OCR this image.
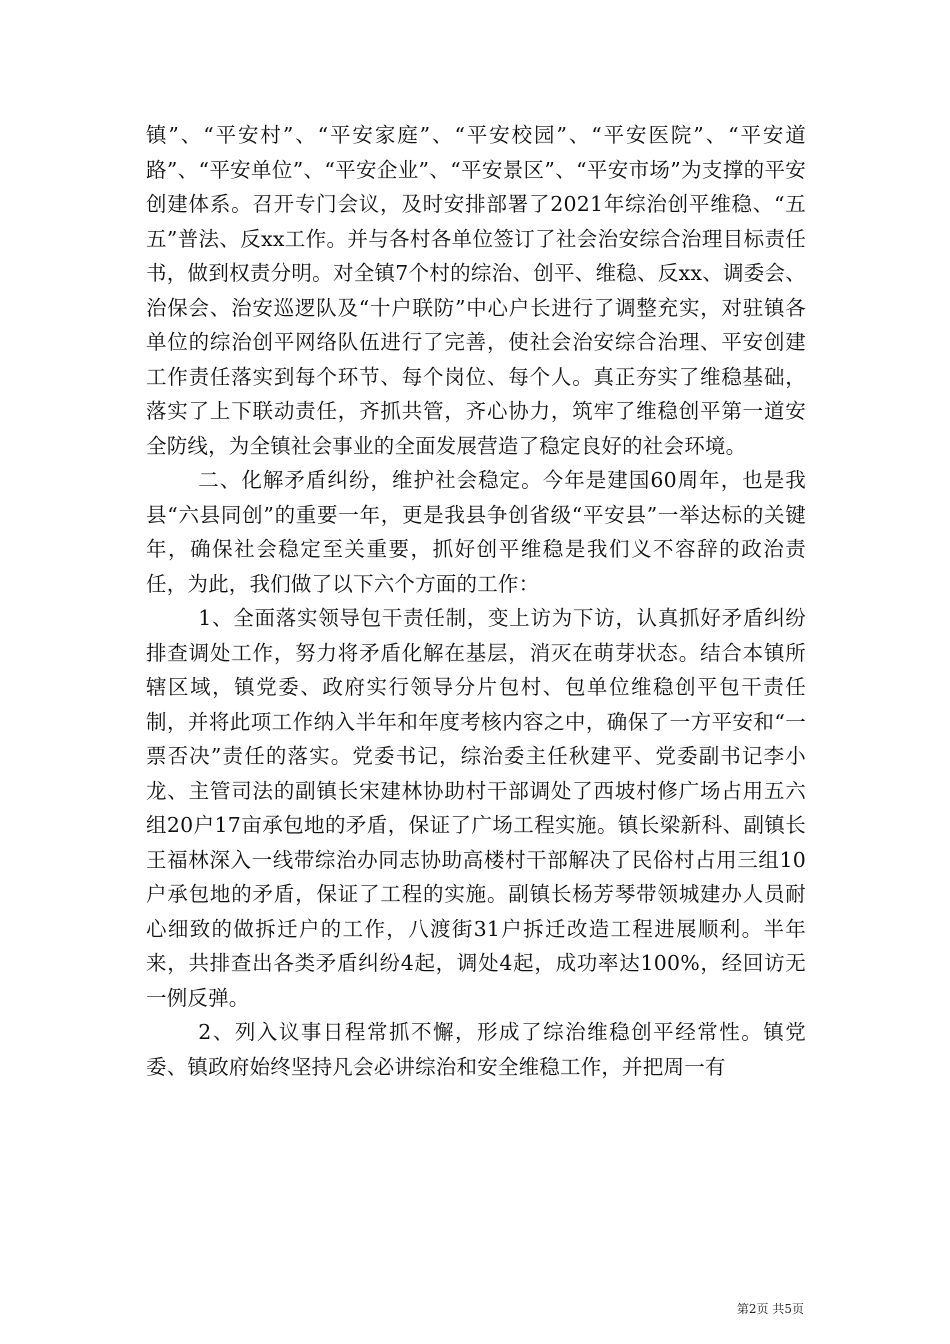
镇”、“平安村”、“平安家庭”、“平安校园”、“平安医院”、“平安道路”、“平安单位”、“平安企业”、“平安景区”、“平安市场”为支撑的平安创建体系。召开专门会议，及时安排部署了2021年综治创平维稳、“五五”普法、反xx工作。并与各村各单位签订了社会治安综合治理目标责任书，做到权责分明。对全镇7个村的综治、创平、维稳、反xx、调委会、治保会、治安巡逻队及“十户联防”中心户长进行了调整充实，对驻镇各单位的综治创平网络队伍进行了完善，使社会治安综合治理、平安创建工作责任落实到每个环节、每个岗位、每个人。真正夯实了维稳基础，落实了上下联动责任，齐抓共管，齐心协力，筑牢了维稳创平第一道安全防线，为全镇社会事业的全面发展营造了稳定良好的社会环境。

二、化解矛盾纠纷，维护社会稳定。今年是建国60周年，也是我县“六县同创”的重要一年，更是我县争创省级“平安县”一举达标的关键年，确保社会稳定至关重要，抓好创平维稳是我们义不容辞的政治责任，为此，我们做了以下六个方面的工作：

1、全面落实领导包干责任制，变上访为下访，认真抓好矛盾纠纷排查调处工作，努力将矛盾化解在基层，消灭在萌芽状态。结合本镇所辖区域，镇党委、政府实行领导分片包村、包单位维稳创平包干责任制，并将此项工作纳入半年和年度考核内容之中，确保了一方平安和“一票否决”责任的落实。党委书记，综治委主任秋建平、党委副书记李小龙、主管司法的副镇长宋建林协助村干部调处了西坡村修广场占用五六组20户17亩承包地的矛盾，保证了广场工程实施。镇长梁新科、副镇长王福林深入一线带综治办同志协助高楼村干部解决了民俗村占用三组10户承包地的矛盾，保证了工程的实施。副镇长杨芳琴带领城建办人员耐心细致的做拆迁户的工作，八渡街31户拆迁改造工程进展顺利。半年来，共排查出各类矛盾纠纷4起，调处4起，成功率达100%，经回访无一例反弹。

2、列入议事日程常抓不懈，形成了综治维稳创平经常性。镇党委、镇政府始终坚持凡会必讲综治和安全维稳工作，并把周一有

第2页 共5页
